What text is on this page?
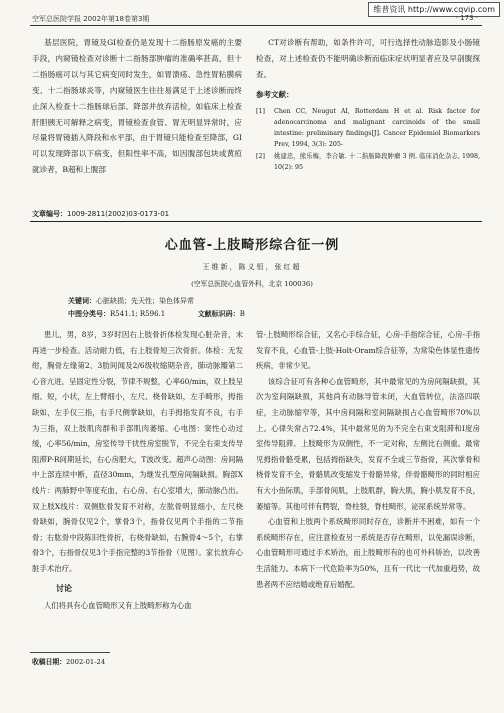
维普资讯 http://www.cqvip.com
空军总医院学报 2002年第18卷第3期	· 173 ·

基层医院，胃镜及GI检查仍是发现十二指肠原发癌的主要手段，内窥镜检查对诊断十二指肠部肿瘤的准确率甚高，但十二指肠癌可以与其它病变同时发生，如胃溃疡、急性胃粘膜病变、十二指肠球炎等，内窥镜医生往往易满足于上述诊断而终止深入检查十二指肠球后部、降部并放弃活检，如临床上检查肝胆胰无可解释之病变，胃镜检查食管、胃无明显异常时，应尽量将胃镜插入降段和水平部，由于胃镜只能检查至降部，GI可以发现降部以下病变，但阳性率不高，如因腹部包块或黄疸就诊者，B超和上腹部

CT对诊断有帮助，如条件许可，可行选择性动脉造影及小肠镜检查，对上述检查仍不能明确诊断而临床症状明显者应及早剖腹探查。

参考文献：
[1]	Chen CC, Neugut AI, Rotterdam H et al. Risk factor for adenocarcinoma and malignant carcinoids of the small intestine: preliminary findings[J]. Cancer Epidemiol Biomarkers Prev, 1994, 3(3): 205-
[2]	姚建忠，熊乐梅，李合敏. 十二指肠降段肿瘤 3 例. 临床消化杂志, 1998, 10(2): 95
文章编号：1009-2811(2002)03-0173-01
心血管-上肢畸形综合征一例
王维新，陈义恒，张红超
(空军总医院心血管外科，北京 100036)
关键词：心脏缺损；先天性；染色体异常
中图分类号：R541.1; R596.1	文献标识码：B

患儿，男，8岁，3岁时因右上肢骨折体检发现心脏杂音，未再进一步检查。活动耐力低，右上肢骨短三次骨折。体检：无发绀，胸骨左缘第2、3肋间闻及2/6级收缩期杂音，肺动脉瓣第二心音亢进，呈固定性分裂，节律不规整，心率60/min，双上肢呈细、短，小状，左上臂细小，左尺、桡骨缺如，左手畸形，拇指缺如，左手仅三指，右手尺侧掌缺如，右手拇指发育不良，右手为三指，双上肢肌肉群和手部肌肉萎缩。心电图：窦性心动过缓，心率56/min，房室传导干扰性房室脱节，不完全右束支传导阻滞P-R间期延长，右心房肥大，T波改变。超声心动图：房间隔中上部连续中断，直径30mm，为继发孔型房间隔缺损。胸部X线片：两肺野中等度充血，右心房、右心室增大，肺动脉凸出。双上肢X线片：双侧肱骨发育不对称，左肱骨明显细小，左尺桡骨缺如，腕骨仅见2个，掌骨3个，指骨仅见两个手指的二节指骨；右肱骨中段陈旧性骨折，右桡骨缺如，右腕骨4～5个，右掌骨3个，右指骨仅见3个手指完整的3节指骨（见图）。家长放弃心脏手术治疗。

讨论

人们将具有心血管畸形又有上肢畸形称为心血

管-上肢畸形综合征，又名心手综合征，心房-手指综合征，心房-手指发育不良，心血管-上肢-Holt-Oram综合征等，为常染色体显性遗传疾病，非常少见。

该综合征可有各种心血管畸形，其中最常见的为房间隔缺损，其次为室间隔缺损，其他尚有动脉导管未闭，大血管转位，法洛四联症，主动脉缩窄等，其中房间隔和室间隔缺损占心血管畸形70%以上。心律失常占72.4%，其中最常见的为不完全右束支阻滞和Ⅰ度房室传导阻滞。上肢畸形为双侧性，不一定对称，左侧比右侧重。最常见拇指骨骼受累，包括拇指缺失，发育不全或三节指骨，其次掌骨和桡骨发育不全，骨骼肌改变缩发于骨骼异常，伴骨骼畸形的同时相应有大小鱼际肌，手部骨间肌，上肢肌群，胸大肌，胸小肌发育不良，萎缩等。其他可伴有腭裂，脊柱裂，脊柱畸形，泌尿系统异常等。

心血管和上肢两个系统畸形同时存在，诊断并不困难，如有一个系统畸形存在，应注意检查另一系统是否存在畸形，以免漏误诊断，心血管畸形可通过手术矫治，而上肢畸形有的也可外科矫治，以改善生活能力。本病下一代危险率为50%，且有一代比一代加重趋势，故患者两不应结婚或绝育后婚配。

收稿日期：2002-01-24
